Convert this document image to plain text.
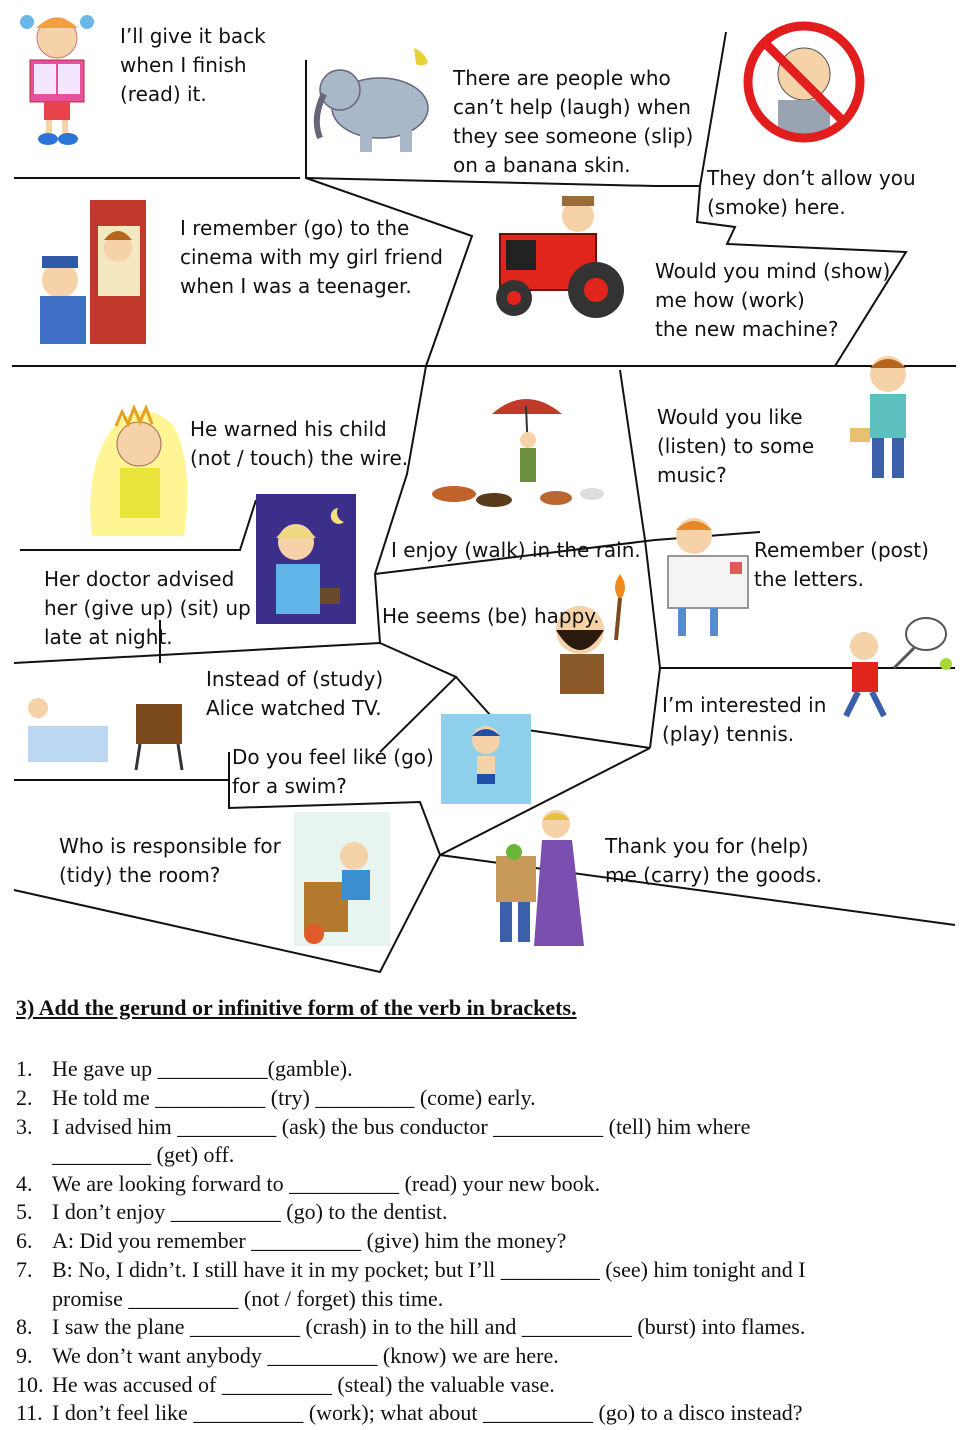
I’ll give it back
when I finish
(read) it.
There are people who
can’t help (laugh) when
they see someone (slip)
on a banana skin.
They don’t allow you
(smoke) here.
I remember (go) to the
cinema with my girl friend
when I was a teenager.
Would you mind (show)
me how (work)
the new machine?
He warned his child
(not / touch) the wire.
Would you like
(listen) to some
music?
I enjoy (walk) in the rain.	Remember (post)
the letters.
Her doctor advised
her (give up) (sit) up
late at night.
He seems (be) happy.
Instead of (study)
Alice watched TV.	I’m interested in
(play) tennis.
Do you feel like (go)
for a swim?
Who is responsible for
(tidy) the room?
Thank you for (help)
me (carry) the goods.
3) Add the gerund or infinitive form of the verb in brackets.
1. He gave up __________(gamble).
2. He told me __________ (try) _________ (come) early.
3. I advised him _________ (ask) the bus conductor __________ (tell) him where
_________ (get) off.
4. We are looking forward to __________ (read) your new book.
5. I don’t enjoy __________ (go) to the dentist.
6. A: Did you remember __________ (give) him the money?
7. B: No, I didn’t. I still have it in my pocket; but I’ll _________ (see) him tonight and I
promise __________ (not / forget) this time.
8. I saw the plane __________ (crash) in to the hill and __________ (burst) into flames.
9. We don’t want anybody __________ (know) we are here.
10. He was accused of __________ (steal) the valuable vase.
11. I don’t feel like __________ (work); what about __________ (go) to a disco instead?
